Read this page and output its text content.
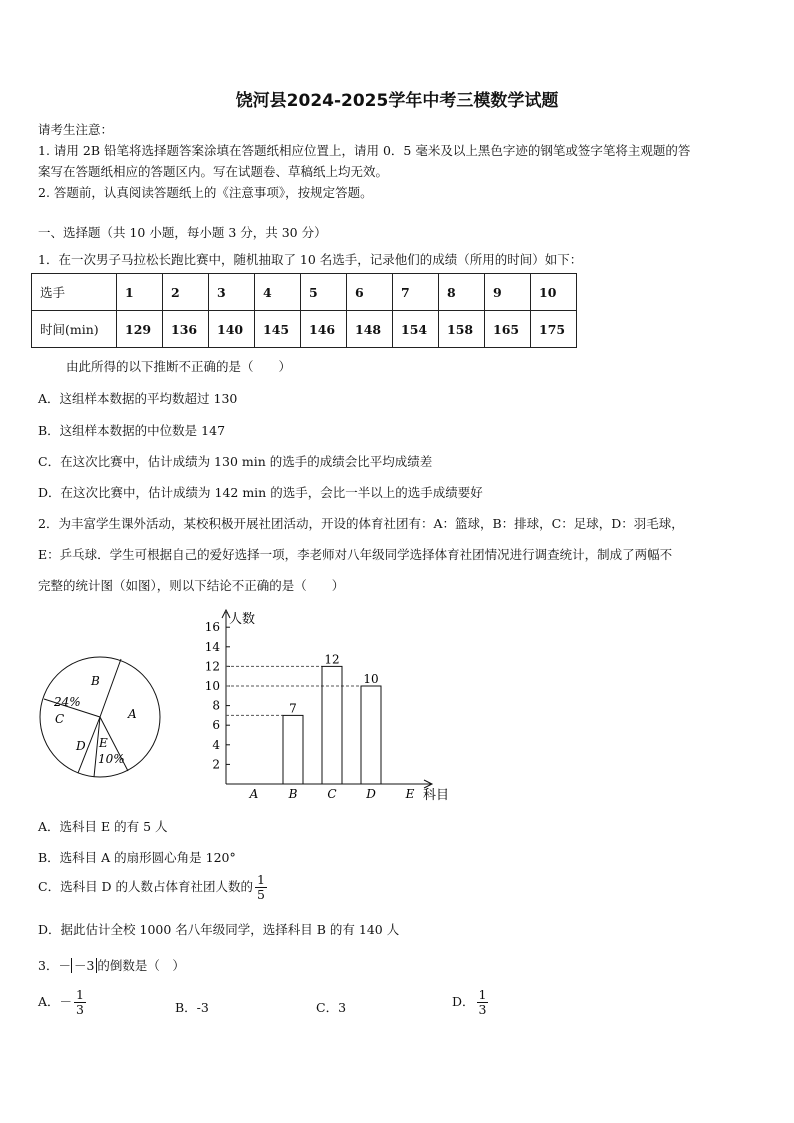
饶河县2024-2025学年中考三模数学试题
请考生注意：
1. 请用 2B 铅笔将选择题答案涂填在答题纸相应位置上，请用 0．5 毫米及以上黑色字迹的钢笔或签字笔将主观题的答
案写在答题纸相应的答题区内。写在试题卷、草稿纸上均无效。
2. 答题前，认真阅读答题纸上的《注意事项》，按规定答题。
一、选择题（共 10 小题，每小题 3 分，共 30 分）
1．在一次男子马拉松长跑比赛中，随机抽取了 10 名选手，记录他们的成绩（所用的时间）如下：
选手	1	2	3	4	5	6	7	8	9	10
时间(min)	129	136	140	145	146	148	154	158	165	175
由此所得的以下推断不正确的是（　　）
A．这组样本数据的平均数超过 130
B．这组样本数据的中位数是 147
C．在这次比赛中，估计成绩为 130 min 的选手的成绩会比平均成绩差
D．在这次比赛中，估计成绩为 142 min 的选手，会比一半以上的选手成绩要好
2．为丰富学生课外活动，某校积极开展社团活动，开设的体育社团有：A：篮球，B：排球，C：足球，D：羽毛球，
E：乒乓球．学生可根据自己的爱好选择一项，李老师对八年级同学选择体育社团情况进行调查统计，制成了两幅不
完整的统计图（如图），则以下结论不正确的是（　　）
B
24%
C	A
D E
10%
人数
科目
2
4
6
8
10
12
14
16
7
12
10
A	B C D E
A．选科目 E 的有 5 人
B．选科目 A 的扇形圆心角是 120°
C．选科目 D 的人数占体育社团人数的 $\frac{1}{5}$
D．据此估计全校 1000 名八年级同学，选择科目 B 的有 140 人
3．－ －3 的倒数是（　）
A．－ $\frac{1}{3}$	B．-3	C．3	D． $\frac{1}{3}$
